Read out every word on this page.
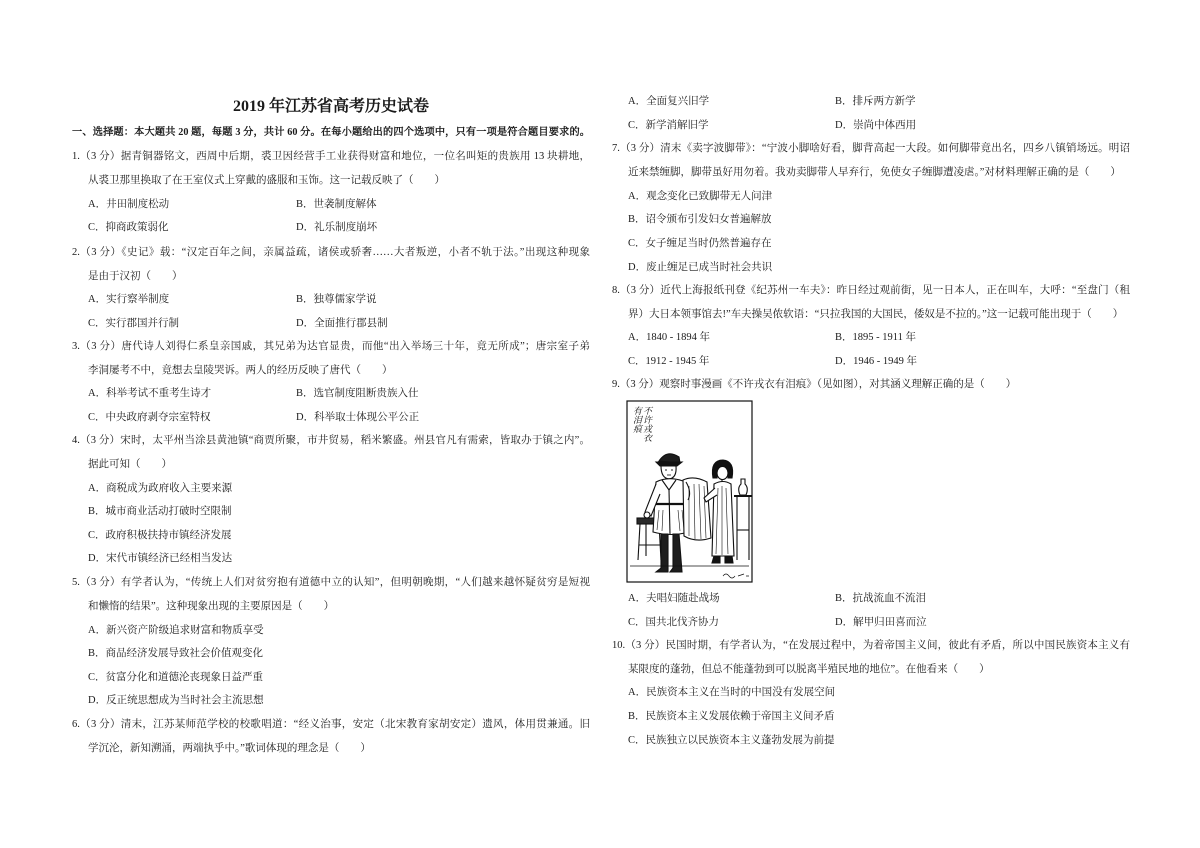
2019 年江苏省高考历史试卷
一、选择题：本大题共 20 题，每题 3 分，共计 60 分。在每小题给出的四个选项中，只有一项是符合题目要求的。
1.（3 分）据青铜器铭文，西周中后期，裘卫因经营手工业获得财富和地位，一位名叫矩的贵族用 13 块耕地，
从裘卫那里换取了在王室仪式上穿戴的盛服和玉饰。这一记载反映了（　　）
A．井田制度松动	B．世袭制度解体
C．抑商政策弱化	D．礼乐制度崩坏
2.（3 分）《史记》载：“汉定百年之间，亲属益疏，诸侯或骄奢……大者叛逆，小者不轨于法。”出现这种现象
是由于汉初（　　）
A．实行察举制度	B．独尊儒家学说
C．实行郡国并行制	D．全面推行郡县制
3.（3 分）唐代诗人刘得仁系皇亲国戚，其兄弟为达官显贵，而他“出入举场三十年，竟无所成”；唐宗室子弟
李洞屡考不中，竟想去皇陵哭诉。两人的经历反映了唐代（　　）
A．科举考试不重考生诗才	B．选官制度阻断贵族入仕
C．中央政府剥夺宗室特权	D．科举取士体现公平公正
4.（3 分）宋时，太平州当涂县黄池镇“商贾所聚，市井贸易，稻米繁盛。州县官凡有需索，皆取办于镇之内”。
据此可知（　　）
A．商税成为政府收入主要来源
B．城市商业活动打破时空限制
C．政府积极扶持市镇经济发展
D．宋代市镇经济已经相当发达
5.（3 分）有学者认为，“传统上人们对贫穷抱有道德中立的认知”，但明朝晚期，“人们越来越怀疑贫穷是短视
和懒惰的结果”。这种现象出现的主要原因是（　　）
A．新兴资产阶级追求财富和物质享受
B．商品经济发展导致社会价值观变化
C．贫富分化和道德沦丧现象日益严重
D．反正统思想成为当时社会主流思想
6.（3 分）清末，江苏某师范学校的校歌唱道：“经义治事，安定（北宋教育家胡安定）遗风，体用贯兼通。旧
学沉沦，新知溯涌，两端执乎中。”歌词体现的理念是（　　）
A．全面复兴旧学	B．排斥两方新学
C．新学消解旧学	D．崇尚中体西用
7.（3 分）清末《卖字波脚带》：“宁波小脚啥好看，脚背高起一大段。如何脚带竟出名，四乡八镇销场远。明诏
近来禁缠脚，脚带虽好用勿着。我劝卖脚带人早弃行，免使女子缠脚遭凌虐。”对材料理解正确的是（　　）
A．观念变化已致脚带无人问津
B．诏令颁布引发妇女普遍解放
C．女子缠足当时仍然普遍存在
D．废止缠足已成当时社会共识
8.（3 分）近代上海报纸刊登《纪苏州一车夫》：昨日经过观前街，见一日本人，正在叫车，大呼：“至盘门（租
界）大日本领事馆去!”车夫操吴侬软语：“只拉我国的大国民，倭奴是不拉的。”这一记载可能出现于（　　）
A．1840 - 1894 年	B．1895 - 1911 年
C．1912 - 1945 年	D．1946 - 1949 年
9.（3 分）观察时事漫画《不许戎衣有泪痕》（见如图），对其涵义理解正确的是（　　）
不许戎衣有泪痕
A．夫唱妇随赴战场	B．抗战流血不流泪
C．国共北伐齐协力	D．解甲归田喜而泣
10.（3 分）民国时期，有学者认为，“在发展过程中，为着帝国主义间，彼此有矛盾，所以中国民族资本主义有
某限度的蓬勃，但总不能蓬勃到可以脱离半殖民地的地位”。在他看来（　　）
A．民族资本主义在当时的中国没有发展空间
B．民族资本主义发展依赖于帝国主义间矛盾
C．民族独立以民族资本主义蓬勃发展为前提
